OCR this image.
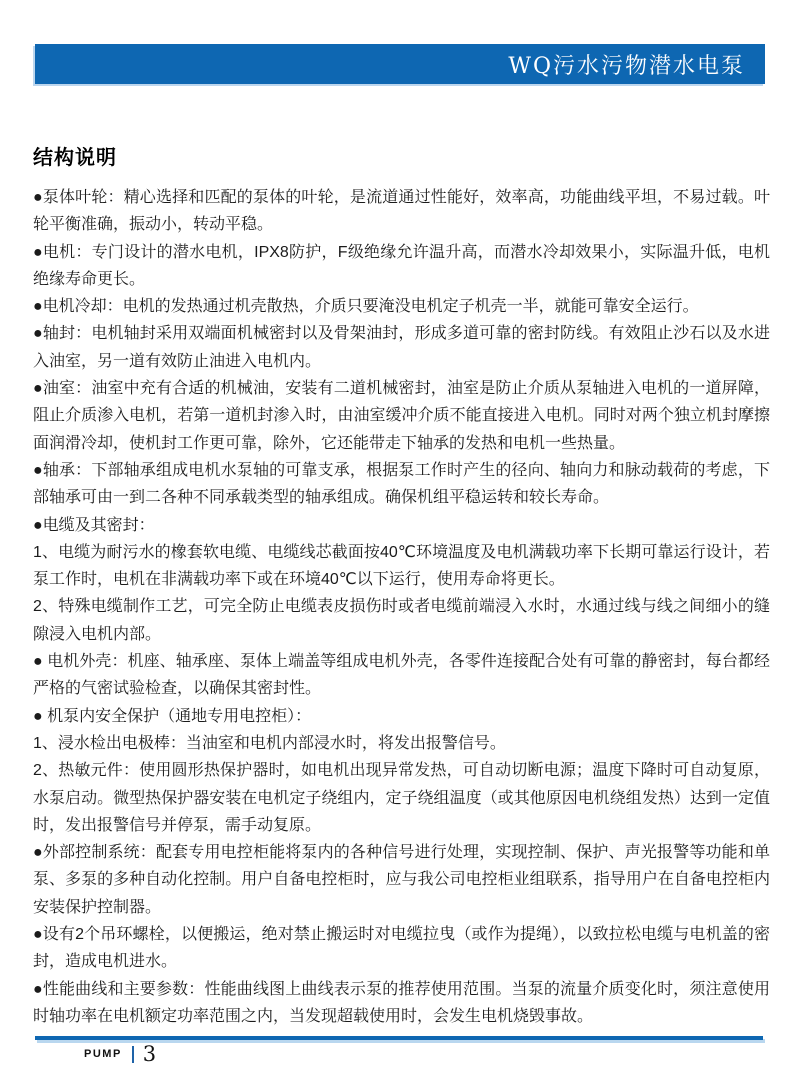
WQ污水污物潜水电泵
结构说明

●泵体叶轮：精心选择和匹配的泵体的叶轮，是流道通过性能好，效率高，功能曲线平坦，不易过载。叶轮平衡准确，振动小，转动平稳。

●电机：专门设计的潜水电机，IPX8防护，F级绝缘允许温升高，而潜水冷却效果小，实际温升低，电机绝缘寿命更长。

●电机冷却：电机的发热通过机壳散热，介质只要淹没电机定子机壳一半，就能可靠安全运行。

●轴封：电机轴封采用双端面机械密封以及骨架油封，形成多道可靠的密封防线。有效阻止沙石以及水进入油室，另一道有效防止油进入电机内。

●油室：油室中充有合适的机械油，安装有二道机械密封，油室是防止介质从泵轴进入电机的一道屏障，阻止介质渗入电机，若第一道机封渗入时，由油室缓冲介质不能直接进入电机。同时对两个独立机封摩擦面润滑冷却，使机封工作更可靠，除外，它还能带走下轴承的发热和电机一些热量。

●轴承：下部轴承组成电机水泵轴的可靠支承，根据泵工作时产生的径向、轴向力和脉动载荷的考虑，下部轴承可由一到二各种不同承载类型的轴承组成。确保机组平稳运转和较长寿命。

●电缆及其密封：

1、电缆为耐污水的橡套软电缆、电缆线芯截面按40℃环境温度及电机满载功率下长期可靠运行设计，若泵工作时，电机在非满载功率下或在环境40℃以下运行，使用寿命将更长。

2、特殊电缆制作工艺，可完全防止电缆表皮损伤时或者电缆前端浸入水时，水通过线与线之间细小的缝隙浸入电机内部。

● 电机外壳：机座、轴承座、泵体上端盖等组成电机外壳，各零件连接配合处有可靠的静密封，每台都经严格的气密试验检查，以确保其密封性。

● 机泵内安全保护（通地专用电控柜）：

1、浸水检出电极棒：当油室和电机内部浸水时，将发出报警信号。

2、热敏元件：使用圆形热保护器时，如电机出现异常发热，可自动切断电源；温度下降时可自动复原，水泵启动。微型热保护器安装在电机定子绕组内，定子绕组温度（或其他原因电机绕组发热）达到一定值时，发出报警信号并停泵，需手动复原。

●外部控制系统：配套专用电控柜能将泵内的各种信号进行处理，实现控制、保护、声光报警等功能和单泵、多泵的多种自动化控制。用户自备电控柜时，应与我公司电控柜业组联系，指导用户在自备电控柜内安装保护控制器。

●设有2个吊环螺栓，以便搬运，绝对禁止搬运时对电缆拉曳（或作为提绳），以致拉松电缆与电机盖的密封，造成电机进水。

●性能曲线和主要参数：性能曲线图上曲线表示泵的推荐使用范围。当泵的流量介质变化时，须注意使用时轴功率在电机额定功率范围之内，当发现超载使用时，会发生电机烧毁事故。

PUMP 3
